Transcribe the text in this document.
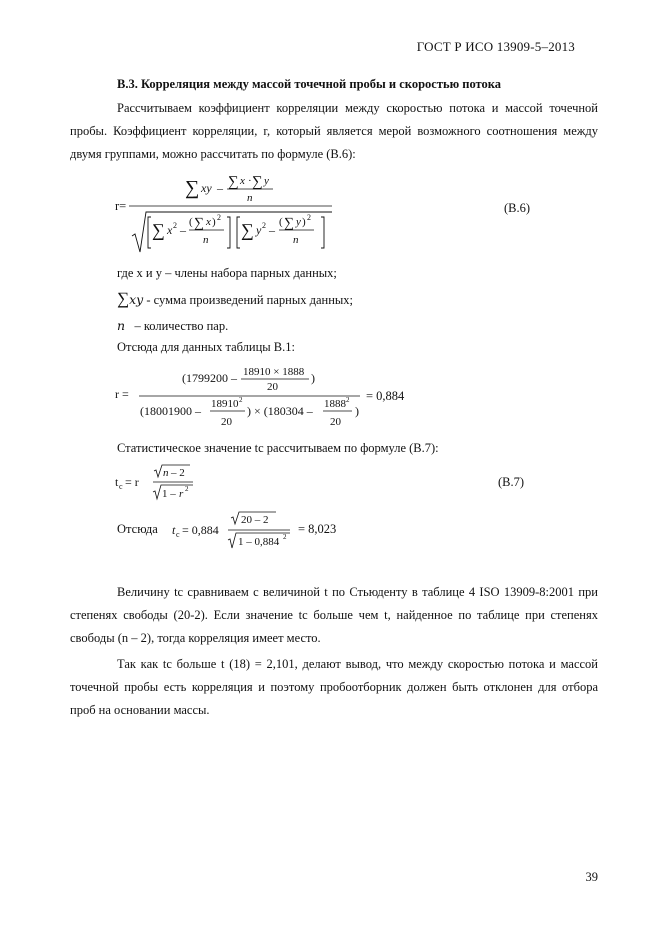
ГОСТ Р ИСО 13909-5–2013
В.3. Корреляция между массой точечной пробы и скоростью потока
Рассчитываем коэффициент корреляции между скоростью потока и массой точечной пробы. Коэффициент корреляции, r, который является мерой возможного соотношения между двумя группами, можно рассчитать по формуле (В.6):
r=
∑ xy – ∑ x · ∑ y
n
∑ x 2 –
( ∑ x ) 2
n ∑ y 2 –
( ∑ y ) 2
n
(В.6)
где x и y – члены набора парных данных;
∑xy - сумма произведений парных данных;
n – количество пар.
Отсюда для данных таблицы В.1:
r =
(1799200 – 18910 × 1888
20
)
(18001900 – 18910 2
20
) × (180304 – 1888 2
20
)
= 0,884
Статистическое значение tc рассчитываем по формуле (В.7):
t c = r
n – 2
1 – r 2	(В.7)
Отсюда t c = 0,884
20 – 2
1 – 0,884 2
= 8,023
Величину tc сравниваем с величиной t по Стьюденту в таблице 4 ISO 13909-8:2001 при степенях свободы (20-2). Если значение tc больше чем t, найденное по таблице при степенях свободы (n – 2), тогда корреляция имеет место.
Так как tc больше t (18) = 2,101, делают вывод, что между скоростью потока и массой точечной пробы есть корреляция и поэтому пробоотборник должен быть отклонен для отбора проб на основании массы.
39
